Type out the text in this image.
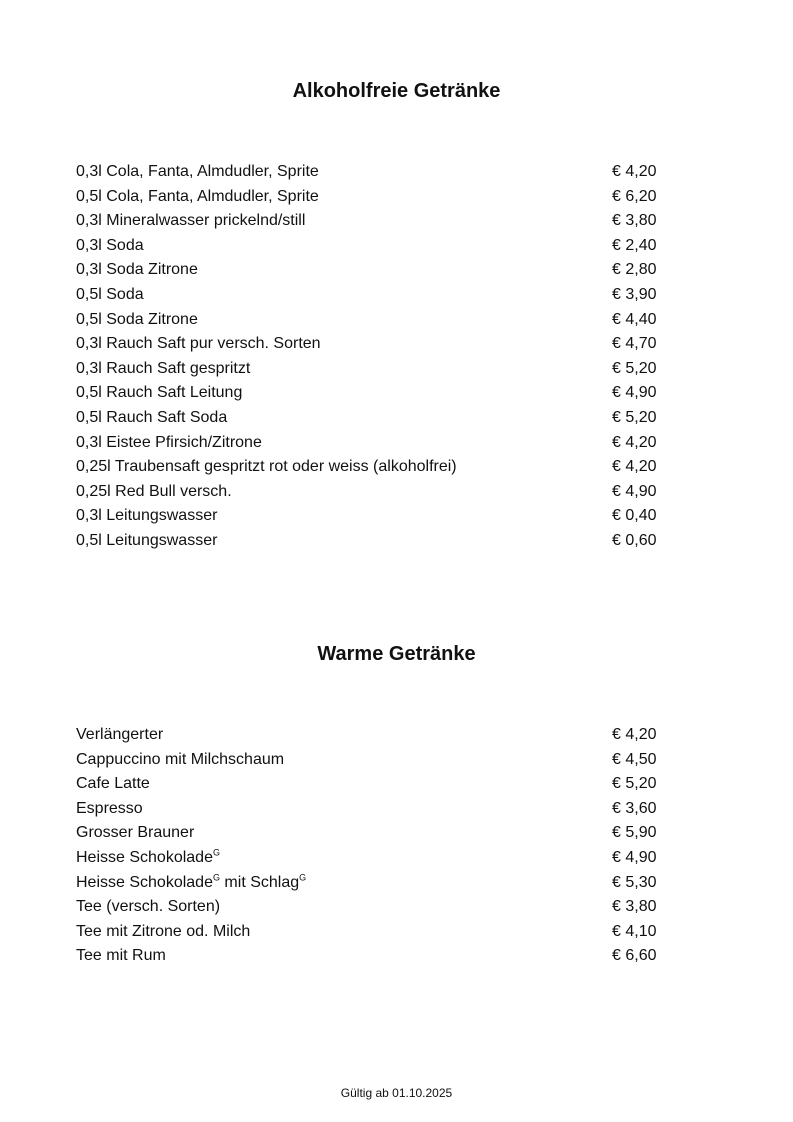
Alkoholfreie Getränke
0,3l Cola, Fanta, Almdudler, Sprite	€ 4,20
0,5l Cola, Fanta, Almdudler, Sprite	€ 6,20
0,3l Mineralwasser prickelnd/still	€ 3,80
0,3l Soda	€ 2,40
0,3l Soda Zitrone	€ 2,80
0,5l Soda	€ 3,90
0,5l Soda Zitrone	€ 4,40
0,3l Rauch Saft pur versch. Sorten	€ 4,70
0,3l Rauch Saft gespritzt	€ 5,20
0,5l Rauch Saft Leitung	€ 4,90
0,5l Rauch Saft Soda	€ 5,20
0,3l Eistee Pfirsich/Zitrone	€ 4,20
0,25l Traubensaft gespritzt rot oder weiss (alkoholfrei)	€ 4,20
0,25l Red Bull versch.	€ 4,90
0,3l Leitungswasser	€ 0,40
0,5l Leitungswasser	€ 0,60
Warme Getränke
Verlängerter	€ 4,20
Cappuccino mit Milchschaum	€ 4,50
Cafe Latte	€ 5,20
Espresso	€ 3,60
Grosser Brauner	€ 5,90
Heisse Schokolade$^G$	€ 4,90
Heisse Schokolade$^G$ mit Schlag$^G$	€ 5,30
Tee (versch. Sorten)	€ 3,80
Tee mit Zitrone od. Milch	€ 4,10
Tee mit Rum	€ 6,60
Gültig ab 01.10.2025
